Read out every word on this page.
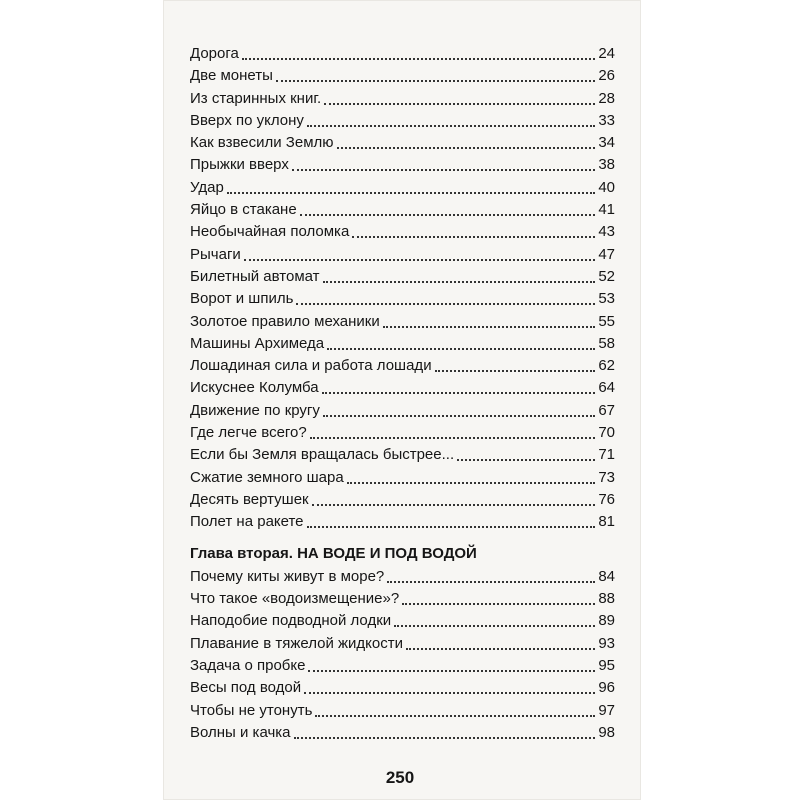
Дорога	24
Две монеты	26
Из старинных книг.	28
Вверх по уклону	33
Как взвесили Землю	34
Прыжки вверх	38
Удар	40
Яйцо в стакане	41
Необычайная поломка	43
Рычаги	47
Билетный автомат	52
Ворот и шпиль	53
Золотое правило механики	55
Машины Архимеда	58
Лошадиная сила и работа лошади	62
Искуснее Колумба	64
Движение по кругу	67
Где легче всего?	70
Если бы Земля вращалась быстрее...	71
Сжатие земного шара	73
Десять вертушек	76
Полет на ракете	81
Глава вторая. НА ВОДЕ И ПОД ВОДОЙ
Почему киты живут в море?	84
Что такое «водоизмещение»?	88
Наподобие подводной лодки	89
Плавание в тяжелой жидкости	93
Задача о пробке	95
Весы под водой	96
Чтобы не утонуть	97
Волны и качка	98
250
